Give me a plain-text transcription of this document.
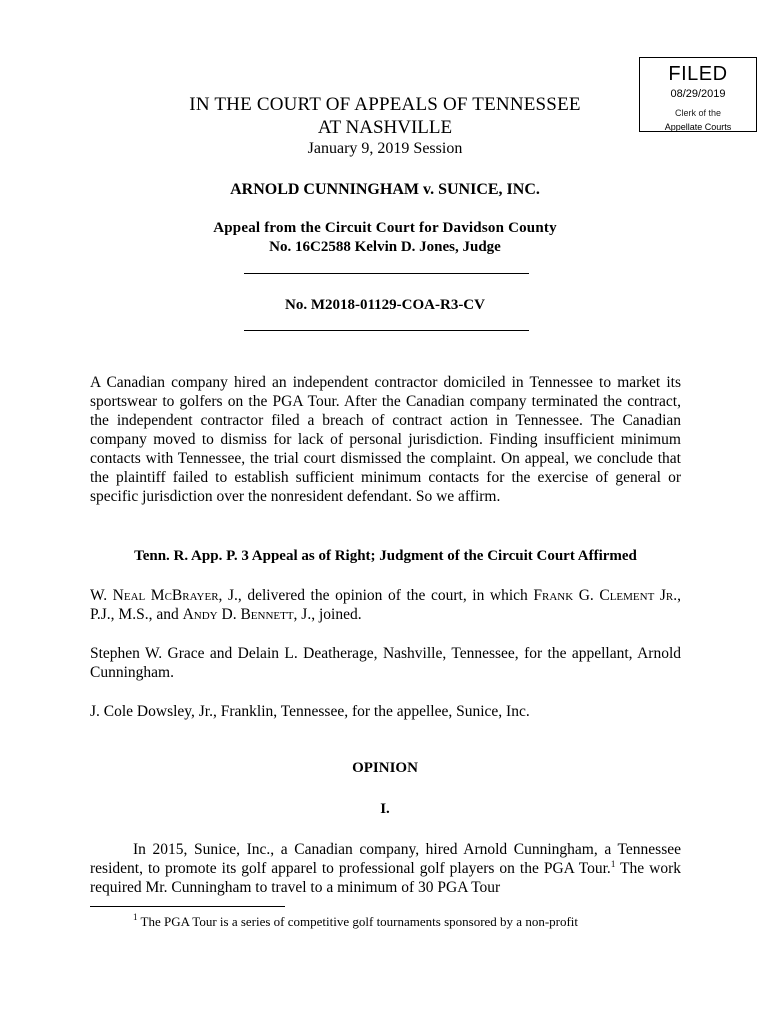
FILED
08/29/2019
Clerk of the
Appellate Courts
IN THE COURT OF APPEALS OF TENNESSEE
AT NASHVILLE
January 9, 2019 Session
ARNOLD CUNNINGHAM v. SUNICE, INC.
Appeal from the Circuit Court for Davidson County
No. 16C2588 Kelvin D. Jones, Judge
No. M2018-01129-COA-R3-CV

A Canadian company hired an independent contractor domiciled in Tennessee to market its sportswear to golfers on the PGA Tour. After the Canadian company terminated the contract, the independent contractor filed a breach of contract action in Tennessee. The Canadian company moved to dismiss for lack of personal jurisdiction. Finding insufficient minimum contacts with Tennessee, the trial court dismissed the complaint. On appeal, we conclude that the plaintiff failed to establish sufficient minimum contacts for the exercise of general or specific jurisdiction over the nonresident defendant. So we affirm.

Tenn. R. App. P. 3 Appeal as of Right; Judgment of the Circuit Court Affirmed

W. Neal McBrayer, J., delivered the opinion of the court, in which Frank G. Clement Jr., P.J., M.S., and Andy D. Bennett, J., joined.

Stephen W. Grace and Delain L. Deatherage, Nashville, Tennessee, for the appellant, Arnold Cunningham.

J. Cole Dowsley, Jr., Franklin, Tennessee, for the appellee, Sunice, Inc.

OPINION
I.

In 2015, Sunice, Inc., a Canadian company, hired Arnold Cunningham, a Tennessee resident, to promote its golf apparel to professional golf players on the PGA Tour.$^1$ The work required Mr. Cunningham to travel to a minimum of 30 PGA Tour

$^1$ The PGA Tour is a series of competitive golf tournaments sponsored by a non-profit
